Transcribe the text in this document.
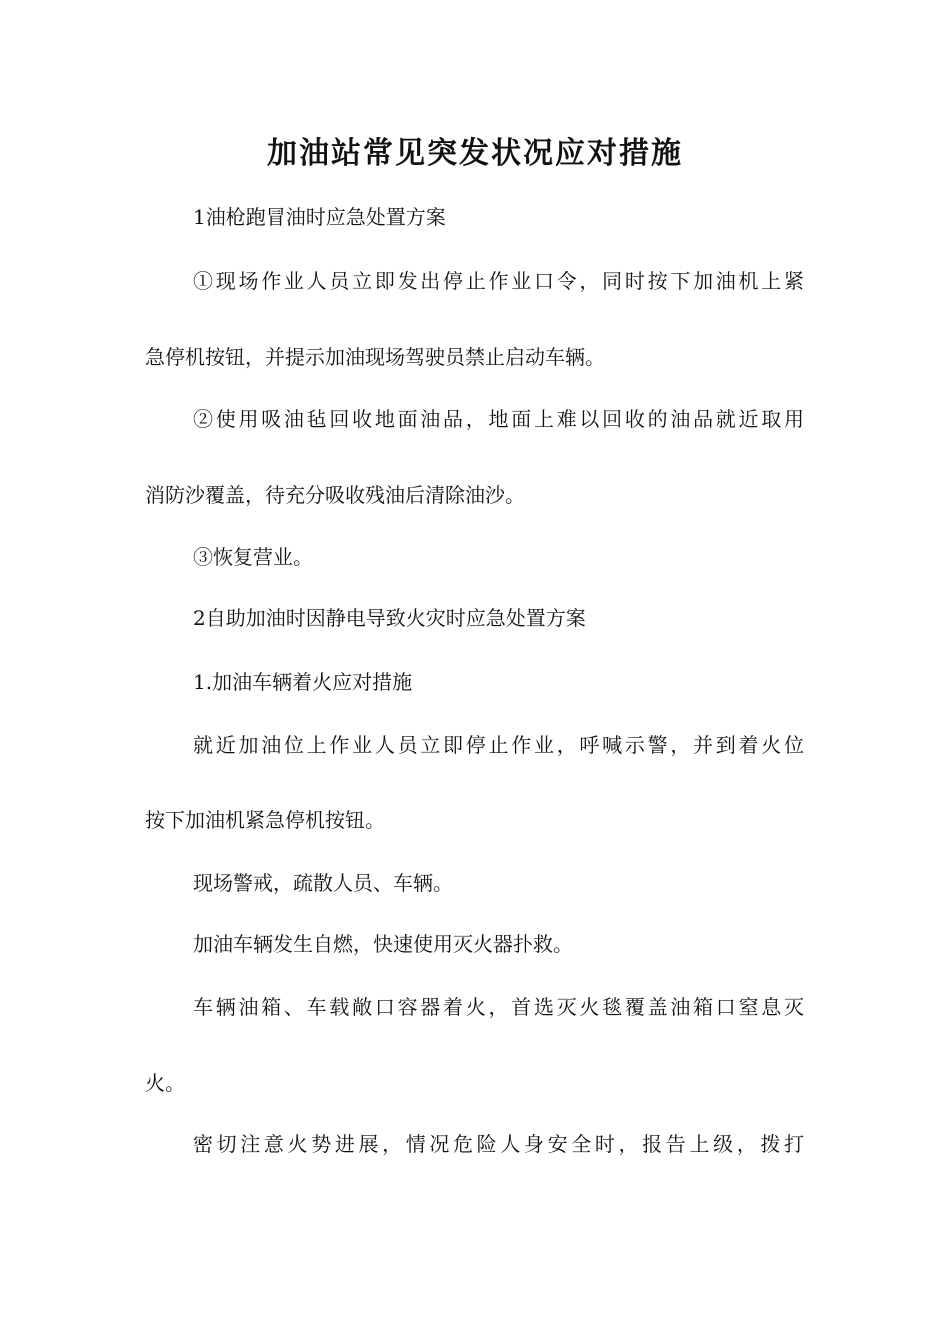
加油站常见突发状况应对措施

1油枪跑冒油时应急处置方案

①现场作业人员立即发出停止作业口令，同时按下加油机上紧

急停机按钮，并提示加油现场驾驶员禁止启动车辆。

②使用吸油毡回收地面油品，地面上难以回收的油品就近取用

消防沙覆盖，待充分吸收残油后清除油沙。

③恢复营业。

2自助加油时因静电导致火灾时应急处置方案

1.加油车辆着火应对措施

就近加油位上作业人员立即停止作业，呼喊示警，并到着火位

按下加油机紧急停机按钮。

现场警戒，疏散人员、车辆。

加油车辆发生自燃，快速使用灭火器扑救。

车辆油箱、车载敞口容器着火，首选灭火毯覆盖油箱口窒息灭

火。

密切注意火势进展，情况危险人身安全时，报告上级，拨打
